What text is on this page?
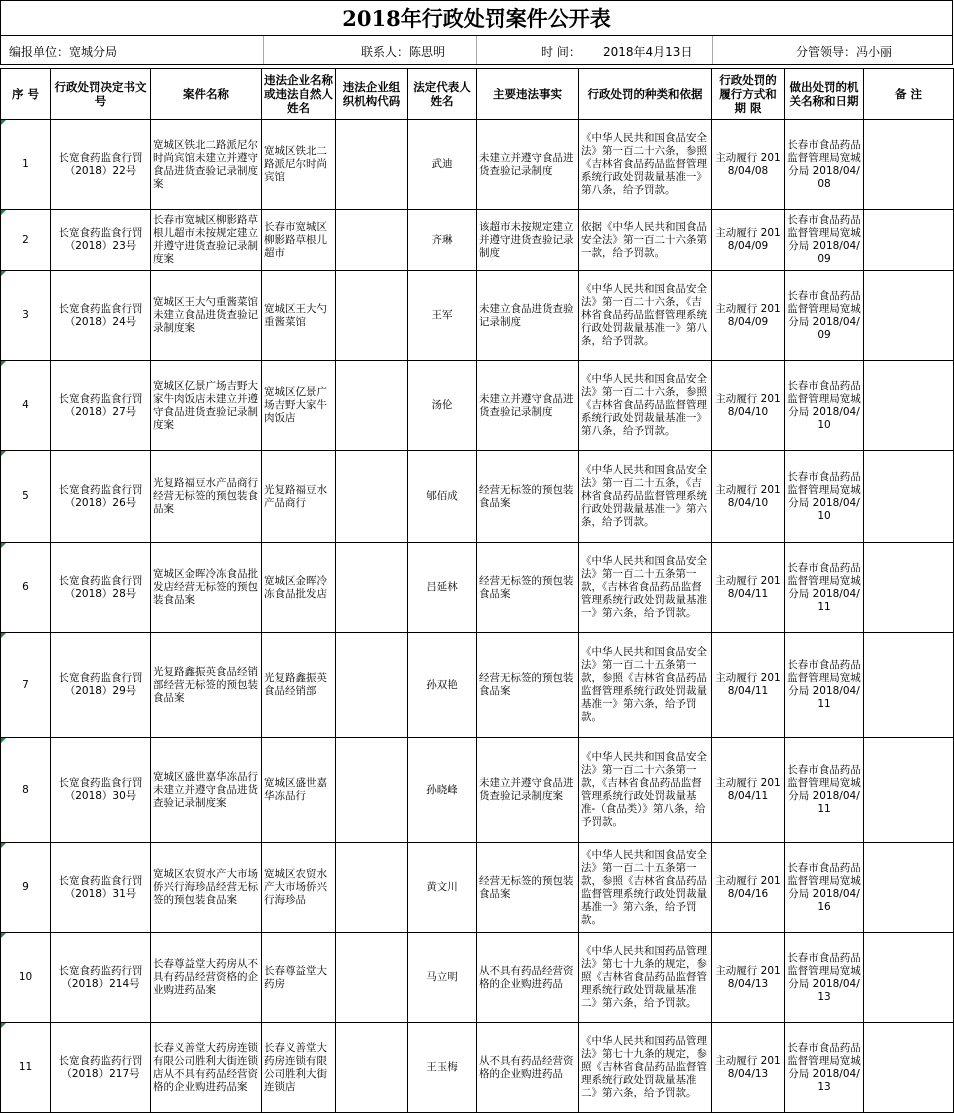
2018年行政处罚案件公开表
编报单位：宽城分局	联系人：陈思明	时 间： 2018年4月13日	分管领导：冯小丽
序 号	行政处罚决定书文号	案件名称	违法企业名称或违法自然人姓名	违法企业组织机构代码	法定代表人姓名	主要违法事实	行政处罚的种类和依据	行政处罚的履行方式和期 限	做出处罚的机关名称和日期	备 注

1	长宽食药监食行罚（2018）22号	宽城区铁北二路派尼尔时尚宾馆未建立并遵守食品进货查验记录制度案	宽城区铁北二路派尼尔时尚宾馆		武迪	未建立并遵守食品进货查验记录制度	《中华人民共和国食品安全法》第一百二十六条，参照《吉林省食品药品监督管理系统行政处罚裁量基准一》第八条，给予罚款。	主动履行 2018/04/08	长春市食品药品监督管理局宽城分局 2018/04/08	

2	长宽食药监食行罚（2018）23号	长春市宽城区柳影路草根儿超市未按规定建立并遵守进货查验记录制度案	长春市宽城区柳影路草根儿超市		齐琳	该超市未按规定建立并遵守进货查验记录制度	依据《中华人民共和国食品安全法》第一百二十六条第一款，给予罚款。	主动履行 2018/04/09	长春市食品药品监督管理局宽城分局 2018/04/09	

3	长宽食药监食行罚（2018）24号	宽城区王大勺重酱菜馆未建立食品进货查验记录制度案	宽城区王大勺重酱菜馆		王军	未建立食品进货查验记录制度	《中华人民共和国食品安全法》第一百二十六条，《吉林省食品药品监督管理系统行政处罚裁量基准一》第八条，给予罚款。	主动履行 2018/04/09	长春市食品药品监督管理局宽城分局 2018/04/09	

4	长宽食药监食行罚（2018）27号	宽城区亿景广场吉野大家牛肉饭店未建立并遵守食品进货查验记录制度案	宽城区亿景广场吉野大家牛肉饭店		汤伦	未建立并遵守食品进货查验记录制度	《中华人民共和国食品安全法》第一百二十六条，参照《吉林省食品药品监督管理系统行政处罚裁量基准一》第八条，给予罚款。	主动履行 2018/04/10	长春市食品药品监督管理局宽城分局 2018/04/10	

5	长宽食药监食行罚（2018）26号	光复路福豆水产品商行经营无标签的预包装食品案	光复路福豆水产品商行		郇佰成	经营无标签的预包装食品案	《中华人民共和国食品安全法》第一百二十五条，《吉林省食品药品监督管理系统行政处罚裁量基准一》第六条，给予罚款。	主动履行 2018/04/10	长春市食品药品监督管理局宽城分局 2018/04/10	

6	长宽食药监食行罚（2018）28号	宽城区金晖冷冻食品批发店经营无标签的预包装食品案	宽城区金晖冷冻食品批发店		吕延林	经营无标签的预包装食品案	《中华人民共和国食品安全法》第一百二十五条第一款，《吉林省食品药品监督管理系统行政处罚裁量基准一》第六条，给予罚款。	主动履行 2018/04/11	长春市食品药品监督管理局宽城分局 2018/04/11	

7	长宽食药监食行罚（2018）29号	光复路鑫振英食品经销部经营无标签的预包装食品案	光复路鑫振英食品经销部		孙双艳	经营无标签的预包装食品案	《中华人民共和国食品安全法》第一百二十五条第一款，参照《吉林省食品药品监督管理系统行政处罚裁量基准一》第六条，给予罚款。	主动履行 2018/04/11	长春市食品药品监督管理局宽城分局 2018/04/11	

8	长宽食药监食行罚（2018）30号	宽城区盛世嘉华冻品行未建立并遵守食品进货查验记录制度案	宽城区盛世嘉华冻品行		孙晓峰	未建立并遵守食品进货查验记录制度案	《中华人民共和国食品安全法》第一百二十六条第一款，《吉林省食品药品监督管理系统行政处罚裁量基准-（食品类）》第八条，给予罚款。	主动履行 2018/04/11	长春市食品药品监督管理局宽城分局 2018/04/11	

9	长宽食药监食行罚（2018）31号	宽城区农贸水产大市场侨兴行海珍品经营无标签的预包装食品案	宽城区农贸水产大市场侨兴行海珍品		黄文川	经营无标签的预包装食品案	《中华人民共和国食品安全法》第一百二十五条第一款，参照《吉林省食品药品监督管理系统行政处罚裁量基准一》第六条，给予罚款。	主动履行 2018/04/16	长春市食品药品监督管理局宽城分局 2018/04/16	

10	长宽食药监药行罚（2018）214号	长春尊益堂大药房从不具有药品经营资格的企业购进药品案	长春尊益堂大药房		马立明	从不具有药品经营资格的企业购进药品	《中华人民共和国药品管理法》第七十九条的规定，参照《吉林省食品药品监督管理系统行政处罚裁量基准二》第六条，给予罚款。	主动履行 2018/04/13	长春市食品药品监督管理局宽城分局 2018/04/13	

11	长宽食药监药行罚（2018）217号	长春义善堂大药房连锁有限公司胜利大街连锁店从不具有药品经营资格的企业购进药品案	长春义善堂大药房连锁有限公司胜利大街连锁店		王玉梅	从不具有药品经营资格的企业购进药品	《中华人民共和国药品管理法》第七十九条的规定，参照《吉林省食品药品监督管理系统行政处罚裁量基准二》第六条，给予罚款。	主动履行 2018/04/13	长春市食品药品监督管理局宽城分局 2018/04/13	
